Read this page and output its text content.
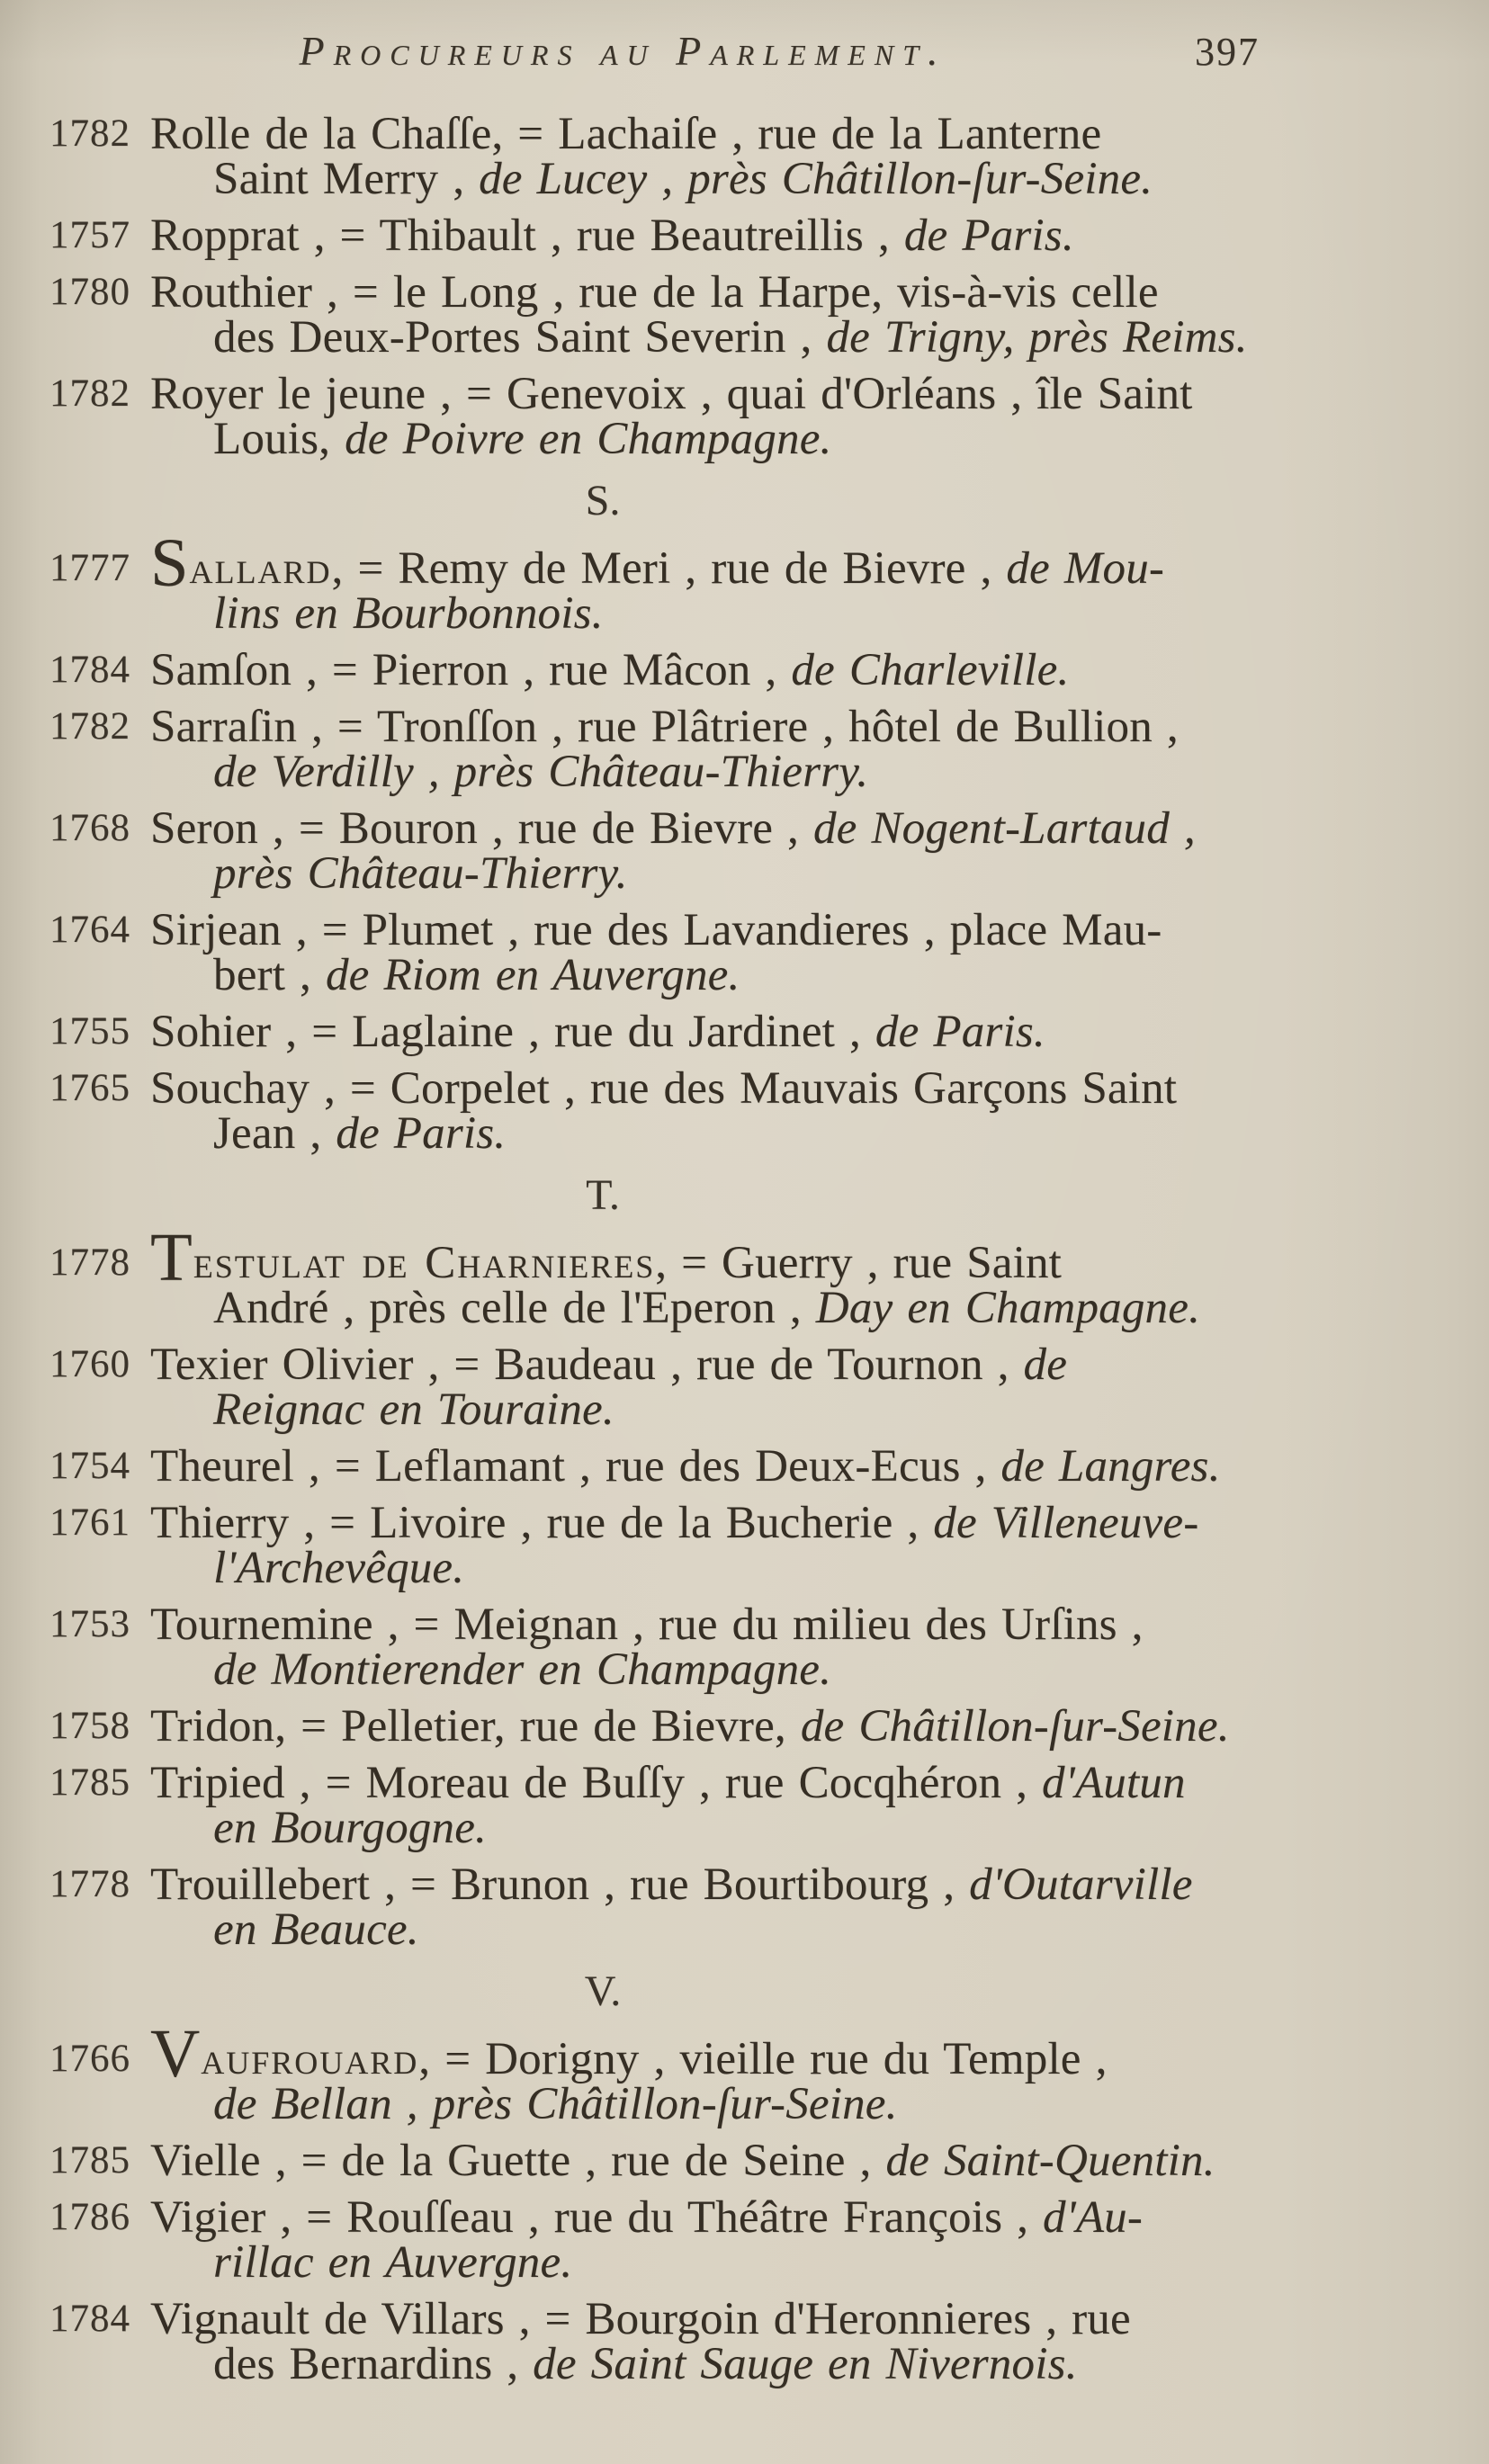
Procureurs au Parlement.	397
1782 Rolle de la Chaſſe, = Lachaiſe , rue de la Lanterne
Saint Merry , de Lucey , près Châtillon-ſur-Seine.
1757 Ropprat , = Thibault , rue Beautreillis , de Paris.
1780 Routhier , = le Long , rue de la Harpe, vis-à-vis celle
des Deux-Portes Saint Severin , de Trigny, près Reims.
1782 Royer le jeune , = Genevoix , quai d'Orléans , île Saint
Louis, de Poivre en Champagne.
S.
1777 Sallard, = Remy de Meri , rue de Bievre , de Mou-
lins en Bourbonnois.
1784 Samſon , = Pierron , rue Mâcon , de Charleville.
1782 Sarraſin , = Tronſſon , rue Plâtriere , hôtel de Bullion ,
de Verdilly , près Château-Thierry.
1768 Seron , = Bouron , rue de Bievre , de Nogent-Lartaud ,
près Château-Thierry.
1764 Sirjean , = Plumet , rue des Lavandieres , place Mau-
bert , de Riom en Auvergne.
1755 Sohier , = Laglaine , rue du Jardinet , de Paris.
1765 Souchay , = Corpelet , rue des Mauvais Garçons Saint
Jean , de Paris.
T.
1778 Testulat de Charnieres, = Guerry , rue Saint
André , près celle de l'Eperon , Day en Champagne.
1760 Texier Olivier , = Baudeau , rue de Tournon , de
Reignac en Touraine.
1754 Theurel , = Leflamant , rue des Deux-Ecus , de Langres.
1761 Thierry , = Livoire , rue de la Bucherie , de Villeneuve-
l'Archevêque.
1753 Tournemine , = Meignan , rue du milieu des Urſins ,
de Montierender en Champagne.
1758 Tridon, = Pelletier, rue de Bievre, de Châtillon-ſur-Seine.
1785 Tripied , = Moreau de Buſſy , rue Cocqhéron , d'Autun
en Bourgogne.
1778 Trouillebert , = Brunon , rue Bourtibourg , d'Outarville
en Beauce.
V.
1766 Vaufrouard, = Dorigny , vieille rue du Temple ,
de Bellan , près Châtillon-ſur-Seine.
1785 Vielle , = de la Guette , rue de Seine , de Saint-Quentin.
1786 Vigier , = Rouſſeau , rue du Théâtre François , d'Au-
rillac en Auvergne.
1784 Vignault de Villars , = Bourgoin d'Heronnieres , rue
des Bernardins , de Saint Sauge en Nivernois.
